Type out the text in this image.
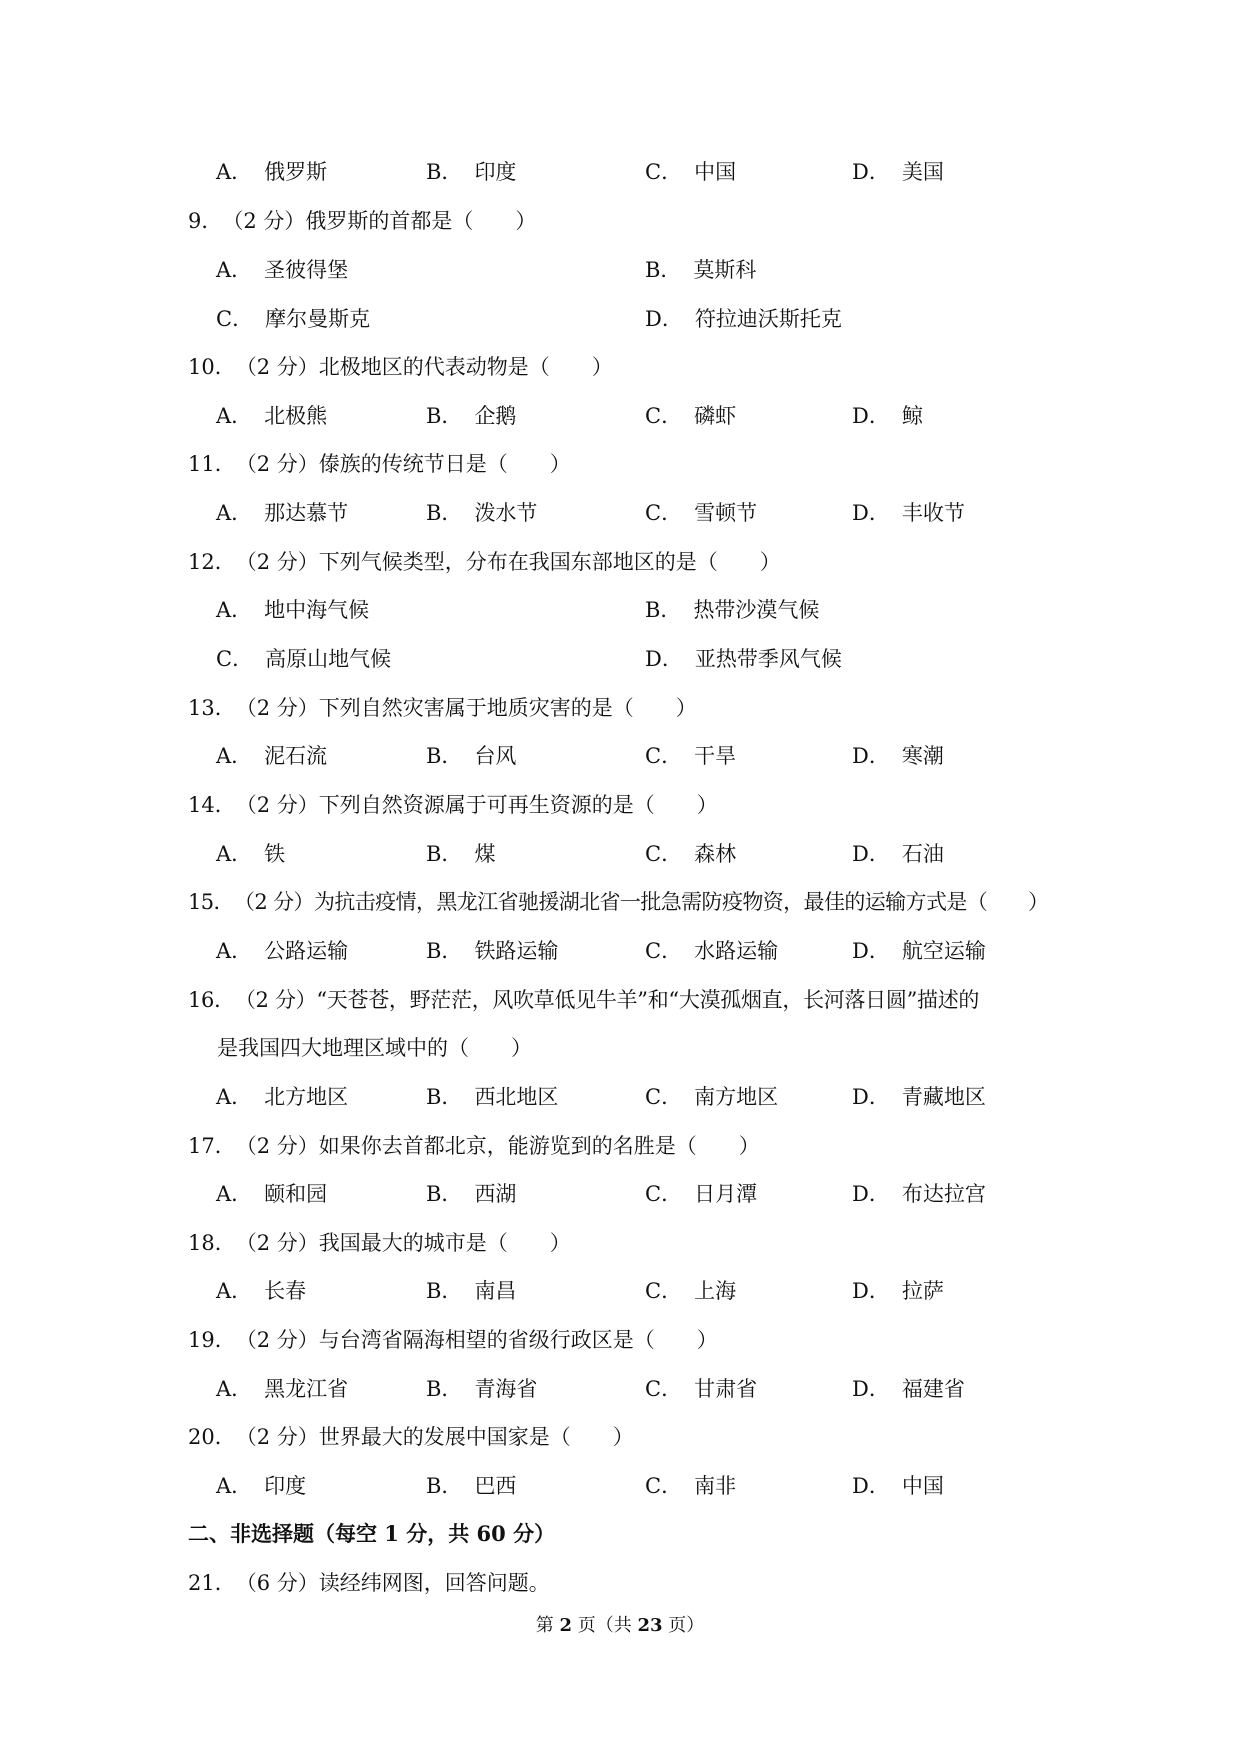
A． 俄罗斯	B． 印度	C． 中国	D． 美国
9．（2 分）俄罗斯的首都是（　　）
A． 圣彼得堡	B． 莫斯科
C． 摩尔曼斯克	D． 符拉迪沃斯托克
10．（2 分）北极地区的代表动物是（　　）
A． 北极熊	B． 企鹅	C． 磷虾	D． 鲸
11．（2 分）傣族的传统节日是（　　）
A． 那达慕节	B． 泼水节	C． 雪顿节	D． 丰收节
12．（2 分）下列气候类型，分布在我国东部地区的是（　　）
A． 地中海气候	B． 热带沙漠气候
C． 高原山地气候	D． 亚热带季风气候
13．（2 分）下列自然灾害属于地质灾害的是（　　）
A． 泥石流	B． 台风	C． 干旱	D． 寒潮
14．（2 分）下列自然资源属于可再生资源的是（　　）
A． 铁	B． 煤	C． 森林	D． 石油
15．（2 分）为抗击疫情，黑龙江省驰援湖北省一批急需防疫物资，最佳的运输方式是（　　）
A． 公路运输	B． 铁路运输	C． 水路运输	D． 航空运输
16．（2 分）“天苍苍，野茫茫，风吹草低见牛羊”和“大漠孤烟直，长河落日圆”描述的
是我国四大地理区域中的（　　）
A． 北方地区	B． 西北地区	C． 南方地区	D． 青藏地区
17．（2 分）如果你去首都北京，能游览到的名胜是（　　）
A． 颐和园	B． 西湖	C． 日月潭	D． 布达拉宫
18．（2 分）我国最大的城市是（　　）
A． 长春	B． 南昌	C． 上海	D． 拉萨
19．（2 分）与台湾省隔海相望的省级行政区是（　　）
A． 黑龙江省	B． 青海省	C． 甘肃省	D． 福建省
20．（2 分）世界最大的发展中国家是（　　）
A． 印度	B． 巴西	C． 南非	D． 中国
二、非选择题（每空 1 分，共 60 分）
21．（6 分）读经纬网图，回答问题。
第 2 页（共 23 页）
